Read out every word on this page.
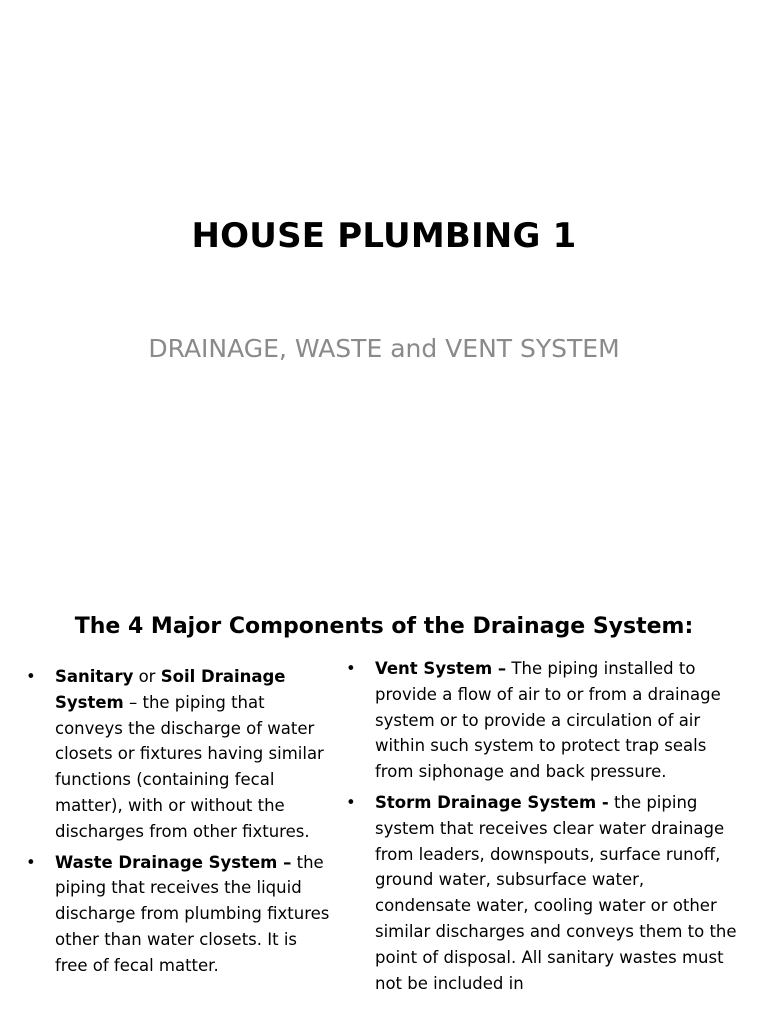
HOUSE PLUMBING 1
DRAINAGE, WASTE and VENT SYSTEM
The 4 Major Components of the Drainage System:
•	Sanitary or Soil Drainage System – the piping that conveys the discharge of water closets or fixtures having similar functions (containing fecal matter), with or without the discharges from other fixtures.
•	Waste Drainage System – the piping that receives the liquid discharge from plumbing fixtures other than water closets. It is free of fecal matter.
•	Vent System – The piping installed to provide a flow of air to or from a drainage system or to provide a circulation of air within such system to protect trap seals from siphonage and back pressure.
•	Storm Drainage System - the piping system that receives clear water drainage from leaders, downspouts, surface runoff, ground water, subsurface water, condensate water, cooling water or other similar discharges and conveys them to the point of disposal. All sanitary wastes must not be included in
